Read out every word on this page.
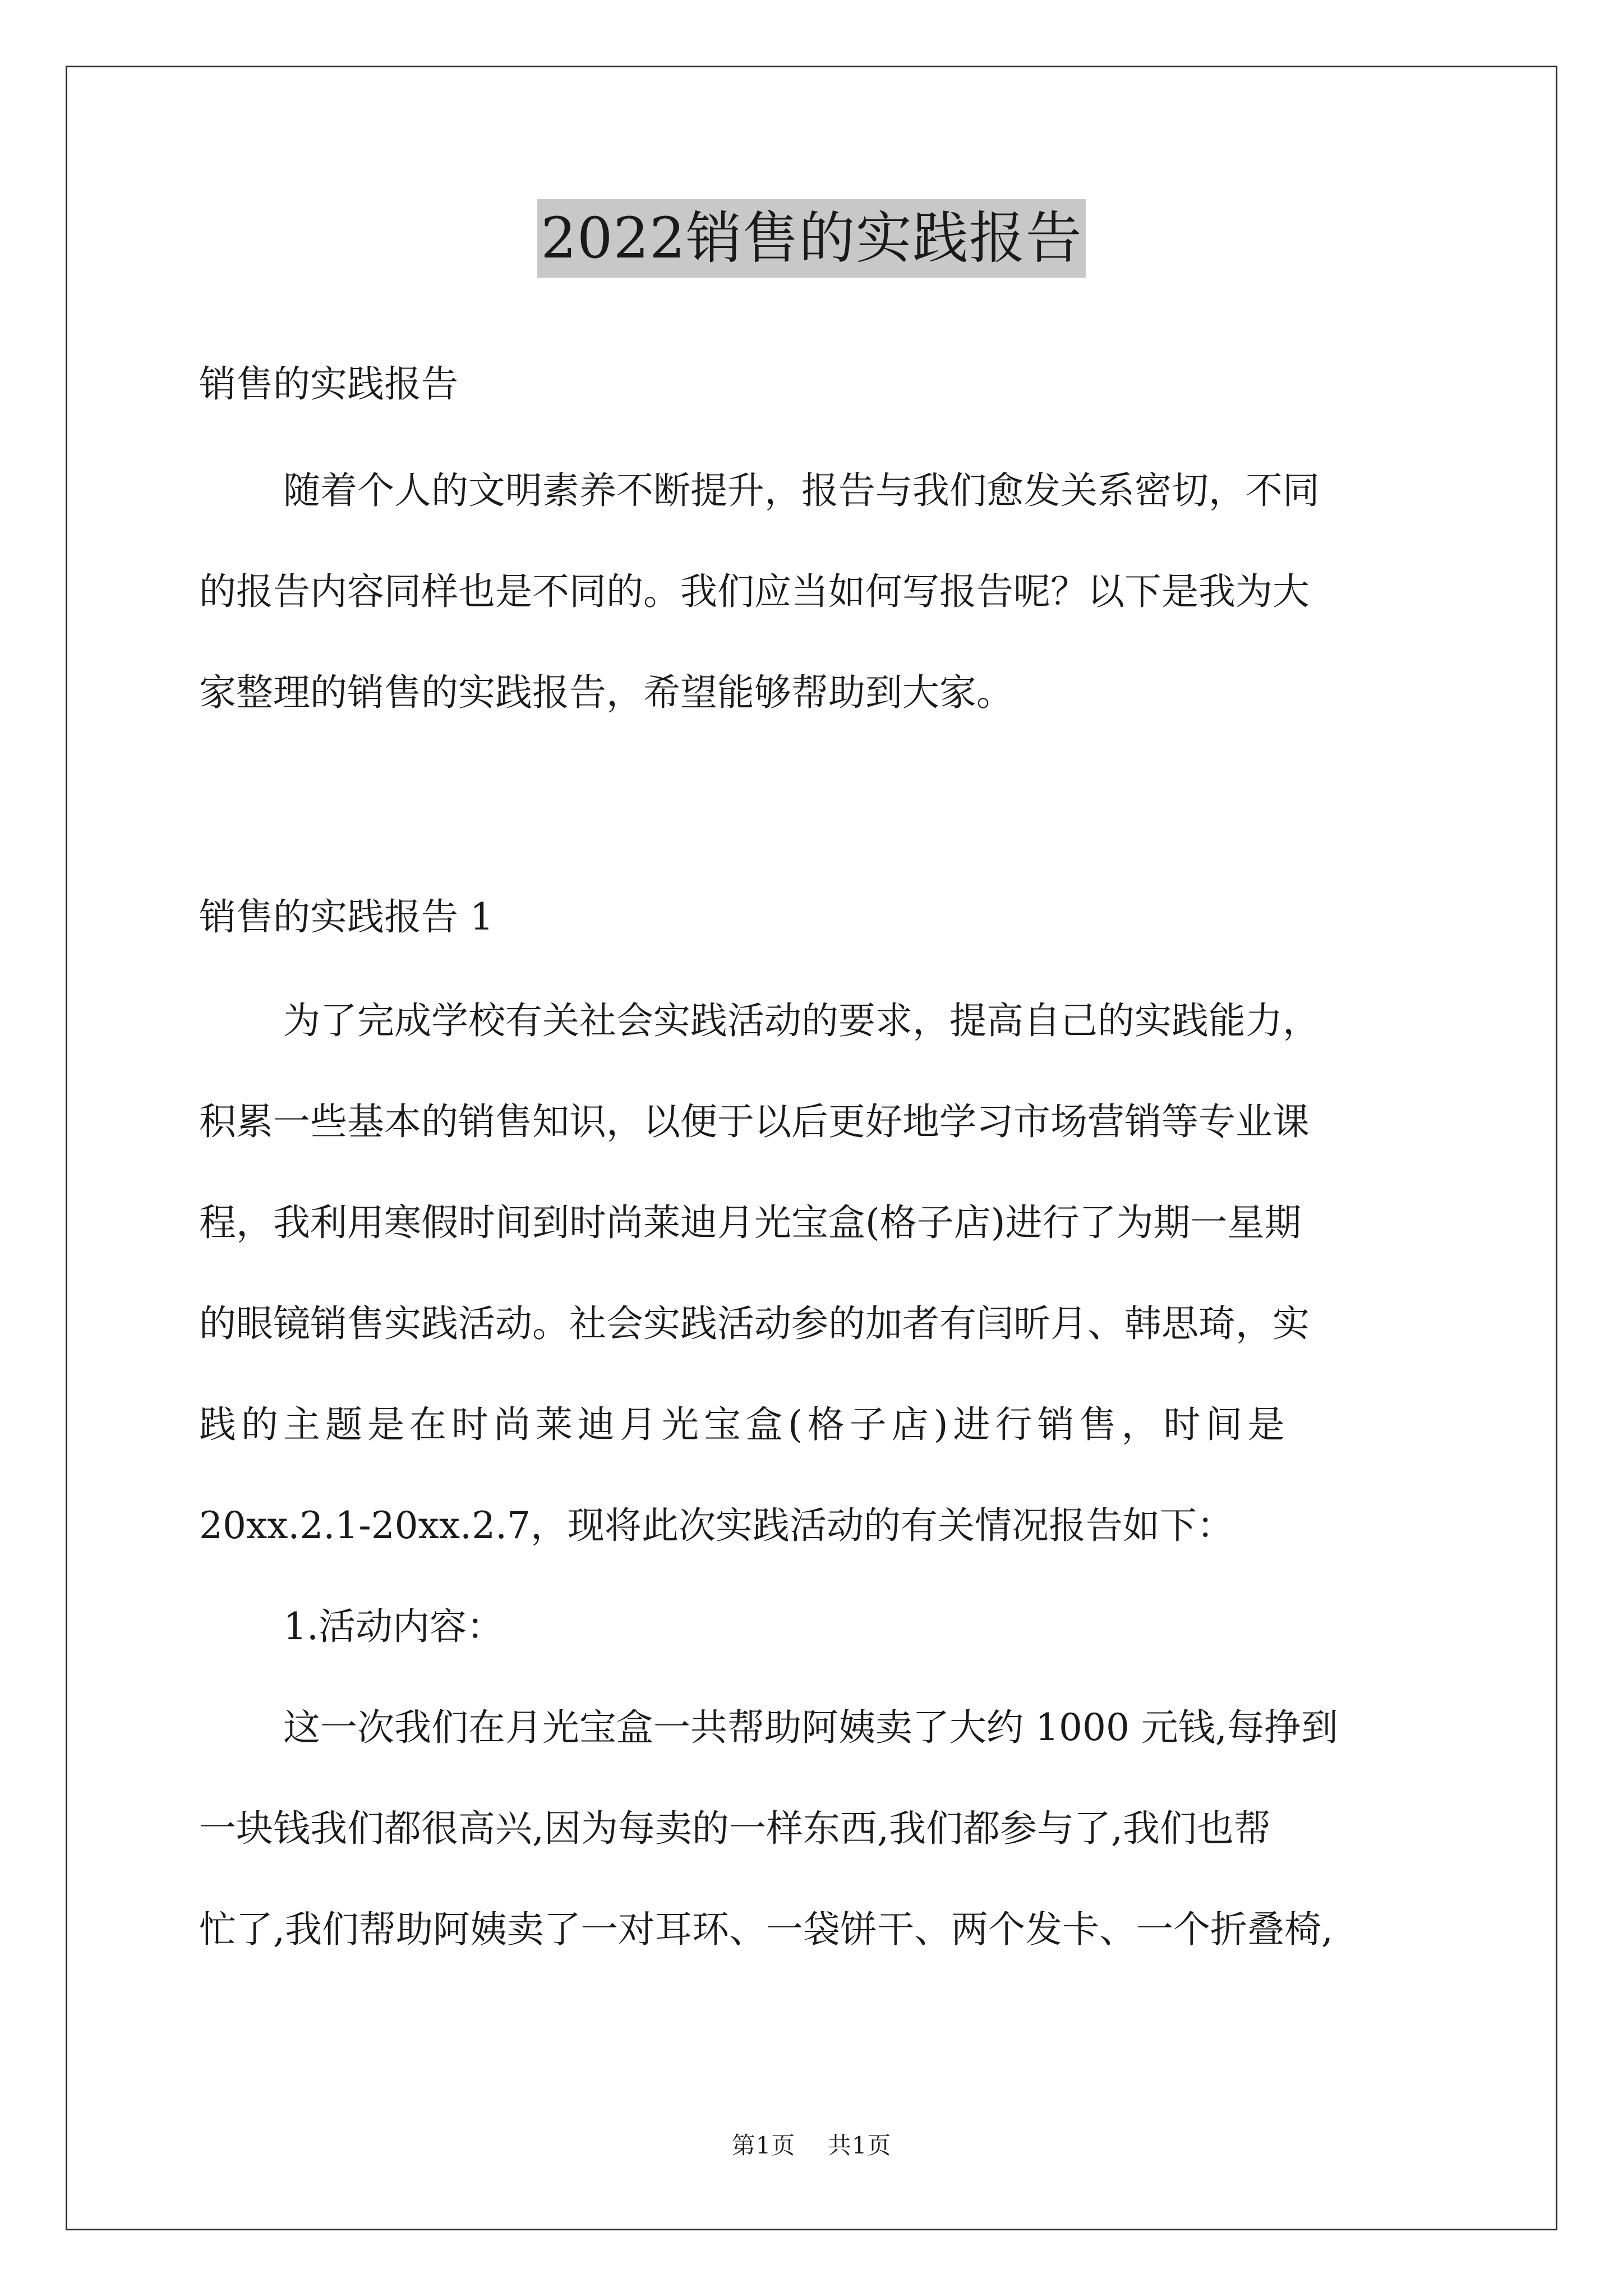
2022销售的实践报告

销售的实践报告

随着个人的文明素养不断提升，报告与我们愈发关系密切，不同

的报告内容同样也是不同的。我们应当如何写报告呢？以下是我为大

家整理的销售的实践报告，希望能够帮助到大家。

销售的实践报告 1

为了完成学校有关社会实践活动的要求，提高自己的实践能力，

积累一些基本的销售知识，以便于以后更好地学习市场营销等专业课

程，我利用寒假时间到时尚莱迪月光宝盒(格子店)进行了为期一星期

的眼镜销售实践活动。社会实践活动参的加者有闫昕月、韩思琦，实

践的主题是在时尚莱迪月光宝盒(格子店)进行销售，时间是

20xx.2.1-20xx.2.7，现将此次实践活动的有关情况报告如下：

1.活动内容：

这一次我们在月光宝盒一共帮助阿姨卖了大约 1000 元钱,每挣到

一块钱我们都很高兴,因为每卖的一样东西,我们都参与了,我们也帮

忙了,我们帮助阿姨卖了一对耳环、一袋饼干、两个发卡、一个折叠椅,

第1页 共1页
